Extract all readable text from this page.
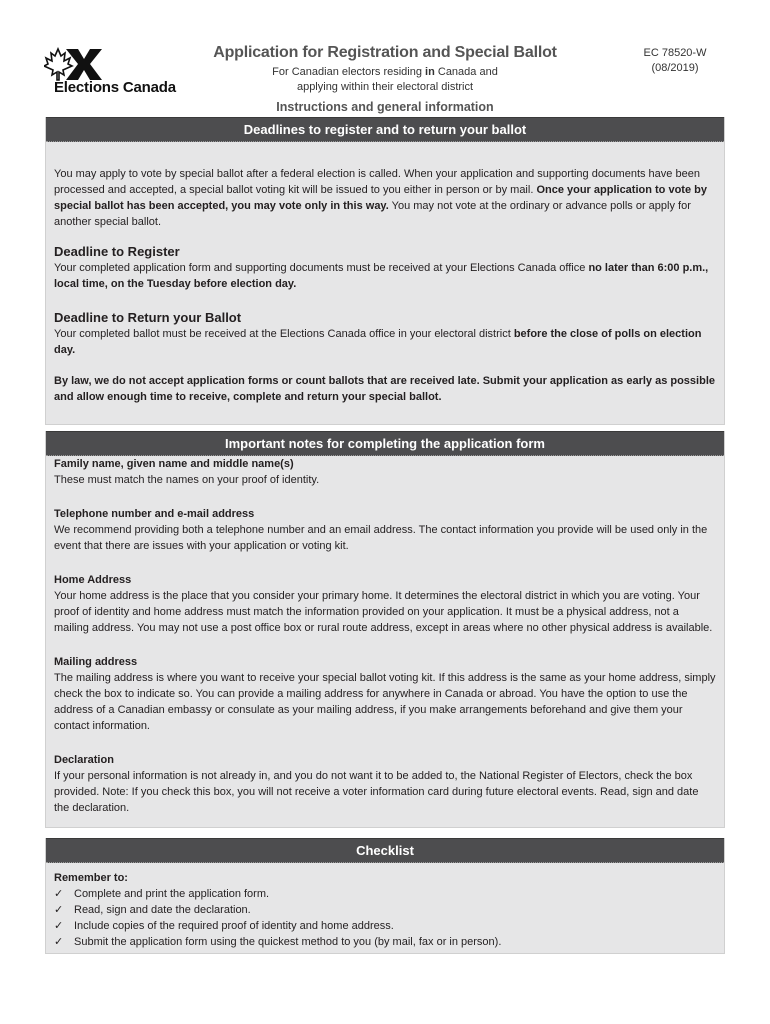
Elections Canada
Application for Registration and Special Ballot
For Canadian electors residing in Canada and
applying within their electoral district
Instructions and general information
EC 78520-W
(08/2019)
Deadlines to register and to return your ballot

You may apply to vote by special ballot after a federal election is called. When your application and supporting documents have been processed and accepted, a special ballot voting kit will be issued to you either in person or by mail. Once your application to vote by special ballot has been accepted, you may vote only in this way. You may not vote at the ordinary or advance polls or apply for another special ballot.

Deadline to Register

Your completed application form and supporting documents must be received at your Elections Canada office no later than 6:00 p.m., local time, on the Tuesday before election day.

Deadline to Return your Ballot

Your completed ballot must be received at the Elections Canada office in your electoral district before the close of polls on election day.

By law, we do not accept application forms or count ballots that are received late. Submit your application as early as possible and allow enough time to receive, complete and return your special ballot.

Important notes for completing the application form

Family name, given name and middle name(s)

These must match the names on your proof of identity.

Telephone number and e-mail address

We recommend providing both a telephone number and an email address. The contact information you provide will be used only in the event that there are issues with your application or voting kit.

Home Address

Your home address is the place that you consider your primary home. It determines the electoral district in which you are voting. Your proof of identity and home address must match the information provided on your application. It must be a physical address, not a mailing address. You may not use a post office box or rural route address, except in areas where no other physical address is available.

Mailing address

The mailing address is where you want to receive your special ballot voting kit. If this address is the same as your home address, simply check the box to indicate so. You can provide a mailing address for anywhere in Canada or abroad. You have the option to use the address of a Canadian embassy or consulate as your mailing address, if you make arrangements beforehand and give them your contact information.

Declaration

If your personal information is not already in, and you do not want it to be added to, the National Register of Electors, check the box provided. Note: If you check this box, you will not receive a voter information card during future electoral events. Read, sign and date the declaration.

Checklist

Remember to:

✓ Complete and print the application form.
✓ Read, sign and date the declaration.
✓ Include copies of the required proof of identity and home address.
✓ Submit the application form using the quickest method to you (by mail, fax or in person).
